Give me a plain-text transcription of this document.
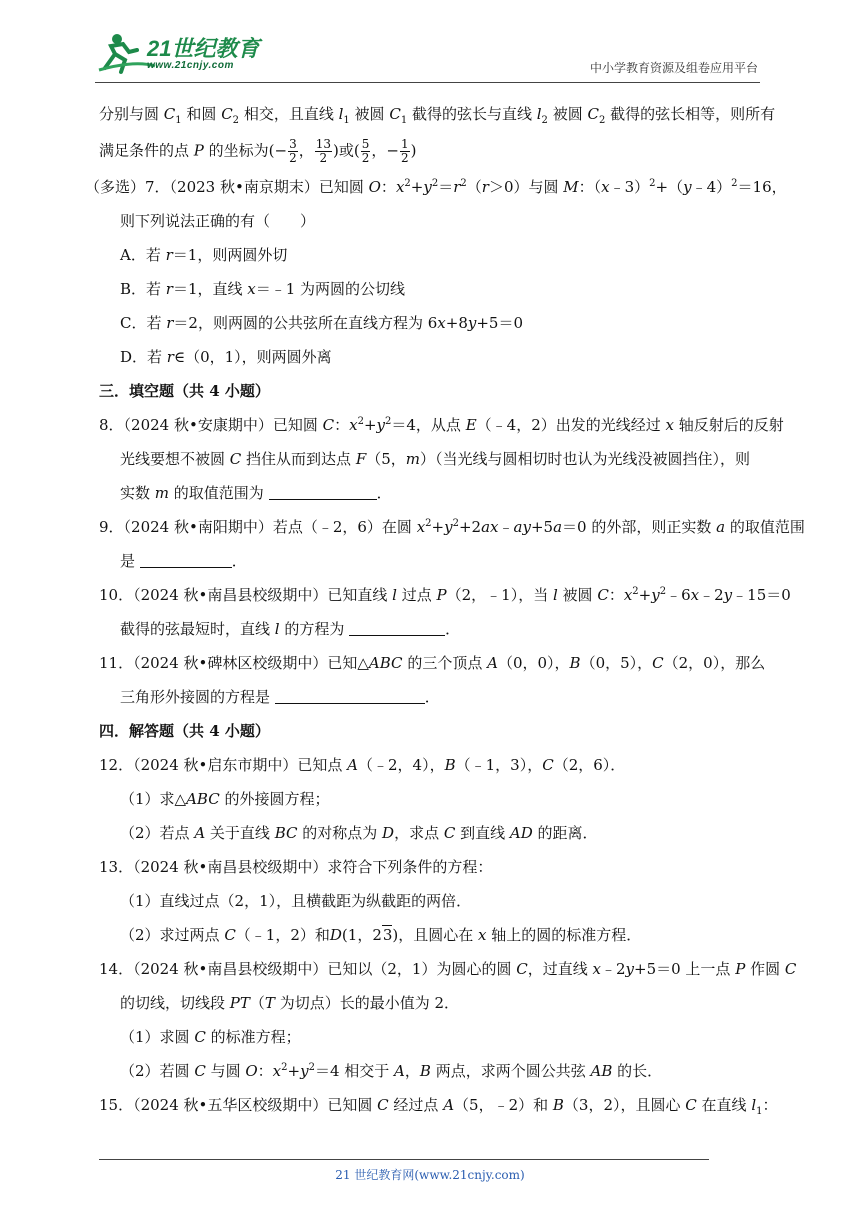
21世纪教育
www.21cnjy.com	中小学教育资源及组卷应用平台
分别与圆 $C_1$ 和圆 $C_2$ 相交，且直线 $l_1$ 被圆 $C_1$ 截得的弦长与直线 $l_2$ 被圆 $C_2$ 截得的弦长相等，则所有
满足条件的点 P 的坐标为(− $\frac{3}{2}$ ， $\frac{13}{2}$ )或( $\frac{5}{2}$ ，− $\frac{1}{2}$ )
（多选）7．（2023 秋•南京期末）已知圆 O：$x^2+y^2=r^2(r>0)$与圆 M：（x﹣3）$^2$+（y﹣4）$^2$＝16，
则下列说法正确的有（　　）
A．若 r＝1，则两圆外切
B．若 r＝1，直线 x＝﹣1 为两圆的公切线
C．若 r＝2，则两圆的公共弦所在直线方程为 6x+8y+5＝0
D．若 r∈（0，1），则两圆外离
三．填空题（共 4 小题）
8．（2024 秋•安康期中）已知圆 C：$x^2+y^2=4$，从点 E（﹣4，2）出发的光线经过 x 轴反射后的反射
光线要想不被圆 C 挡住从而到达点 F（5，m）（当光线与圆相切时也认为光线没被圆挡住），则
实数 m 的取值范围为	．
9．（2024 秋•南阳期中）若点（﹣2，6）在圆 $x^2+y^2+2ax﹣ay+5a=0$ 的外部，则正实数 a 的取值范围
是	．
10．（2024 秋•南昌县校级期中）已知直线 l 过点 P（2，﹣1），当 l 被圆 C：$x^2+y^2﹣6x﹣2y﹣15=0$
截得的弦最短时，直线 l 的方程为	．
11．（2024 秋•碑林区校级期中）已知△ABC 的三个顶点 A（0，0），B（0，5），C（2，0），那么
三角形外接圆的方程是	．
四．解答题（共 4 小题）
12．（2024 秋•启东市期中）已知点 A（﹣2，4），B（﹣1，3），C（2，6）．
（1）求△ABC 的外接圆方程；
（2）若点 A 关于直线 BC 的对称点为 D，求点 C 到直线 AD 的距离．
13．（2024 秋•南昌县校级期中）求符合下列条件的方程：
（1）直线过点（2，1），且横截距为纵截距的两倍．
（2）求过两点 C（﹣1，2）和D(1，23)，且圆心在 x 轴上的圆的标准方程．
14．（2024 秋•南昌县校级期中）已知以（2，1）为圆心的圆 C，过直线 x﹣2y+5＝0 上一点 P 作圆 C
的切线，切线段 PT（T 为切点）长的最小值为 2．
（1）求圆 C 的标准方程；
（2）若圆 C 与圆 O：$x^2+y^2=4$ 相交于 A，B 两点，求两个圆公共弦 AB 的长．
15．（2024 秋•五华区校级期中）已知圆 C 经过点 A（5，﹣2）和 B（3，2），且圆心 C 在直线 $l_1$：
21 世纪教育网(www.21cnjy.com)
